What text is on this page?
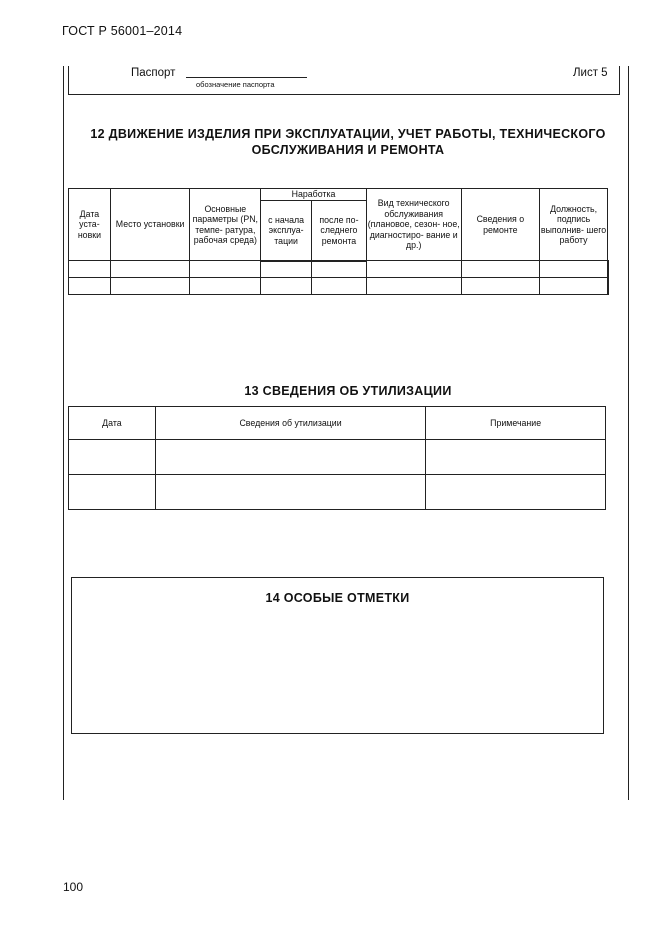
ГОСТ Р 56001–2014
Паспорт
обозначение паспорта
Лист 5
12 ДВИЖЕНИЕ ИЗДЕЛИЯ ПРИ ЭКСПЛУАТАЦИИ, УЧЕТ РАБОТЫ, ТЕХНИЧЕСКОГО ОБСЛУЖИВАНИЯ И РЕМОНТА
Дата уста- новки	Место установки	Основные параметры (PN, темпе- ратура, рабочая среда)	Наработка		Вид технического обслуживания (плановое, сезон- ное, диагностиро- вание и др.)	Сведения о ремонте	Должность, подпись выполнив- шего работу	
			с начала эксплуа- тации	после по- следнего ремонта				

13 СВЕДЕНИЯ ОБ УТИЛИЗАЦИИ
Дата	Сведения об утилизации	Примечание

14 ОСОБЫЕ ОТМЕТКИ
100
